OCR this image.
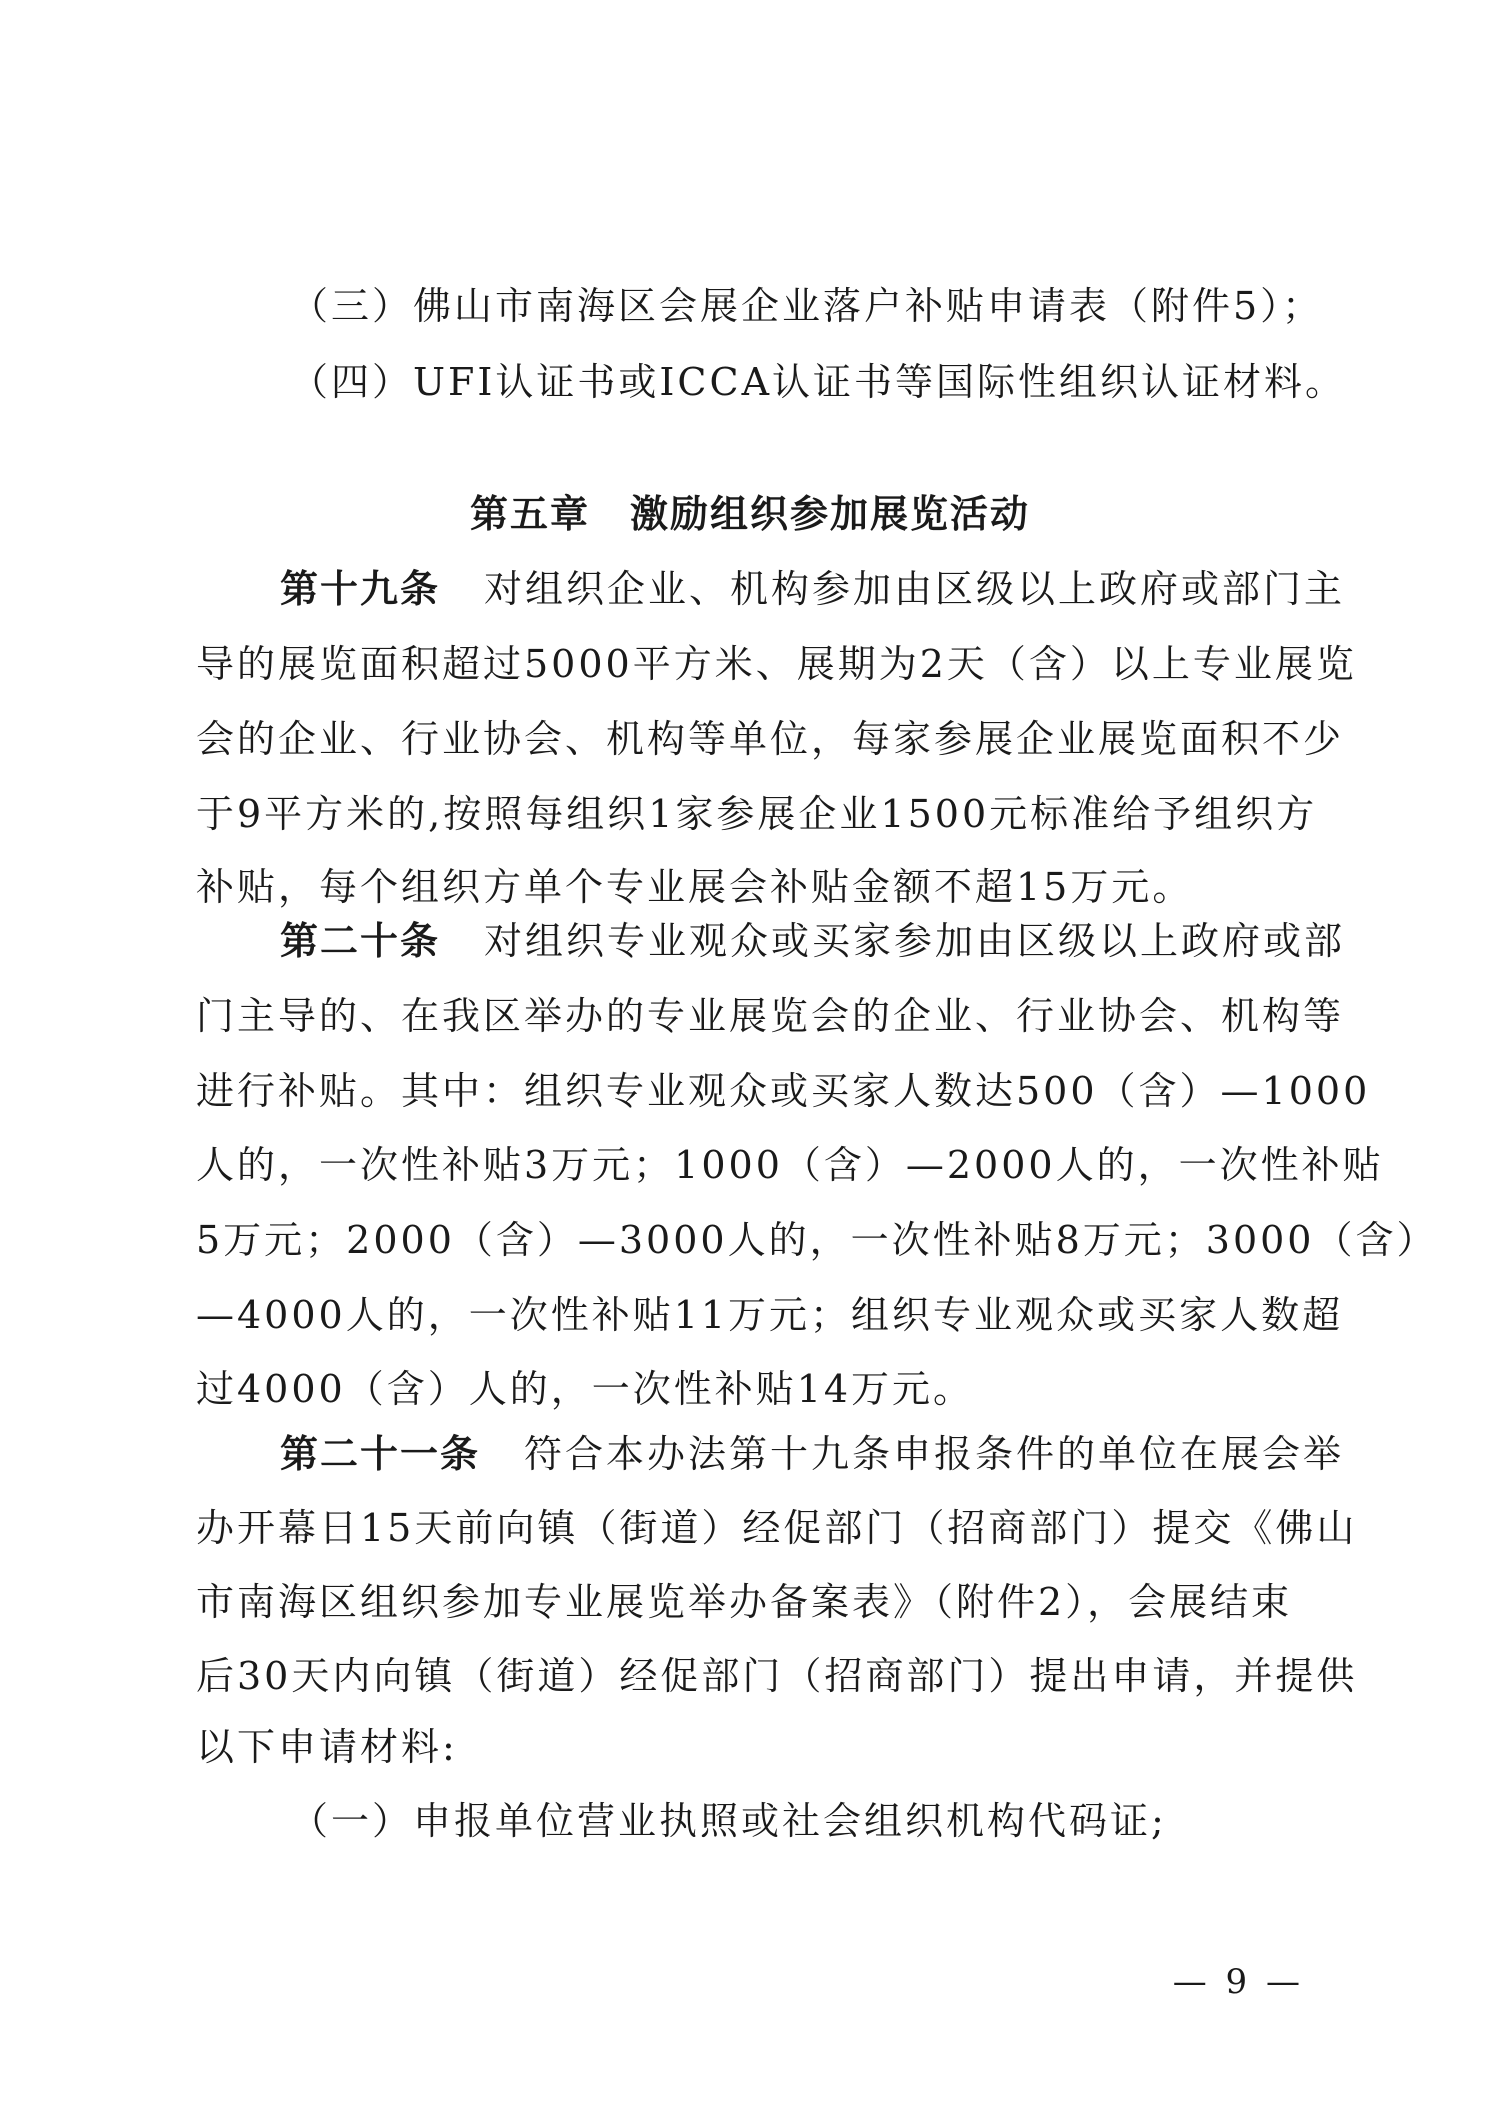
（三）佛山市南海区会展企业落户补贴申请表（附件5）；
（四）UFI认证书或ICCA认证书等国际性组织认证材料。
第五章　激励组织参加展览活动
第十九条 对组织企业、机构参加由区级以上政府或部门主
导的展览面积超过5000平方米、展期为2天（含）以上专业展览
会的企业、行业协会、机构等单位，每家参展企业展览面积不少
于9平方米的,按照每组织1家参展企业1500元标准给予组织方
补贴，每个组织方单个专业展会补贴金额不超15万元。
第二十条 对组织专业观众或买家参加由区级以上政府或部
门主导的、在我区举办的专业展览会的企业、行业协会、机构等
进行补贴。其中：组织专业观众或买家人数达500（含）—1000
人的，一次性补贴3万元；1000（含）—2000人的，一次性补贴
5万元；2000（含）—3000人的，一次性补贴8万元；3000（含）
—4000人的，一次性补贴11万元；组织专业观众或买家人数超
过4000（含）人的，一次性补贴14万元。
第二十一条 符合本办法第十九条申报条件的单位在展会举
办开幕日15天前向镇（街道）经促部门（招商部门）提交《佛山
市南海区组织参加专业展览举办备案表》（附件2），会展结束
后30天内向镇（街道）经促部门（招商部门）提出申请，并提供
以下申请材料:
（一）申报单位营业执照或社会组织机构代码证;
— 9 —
